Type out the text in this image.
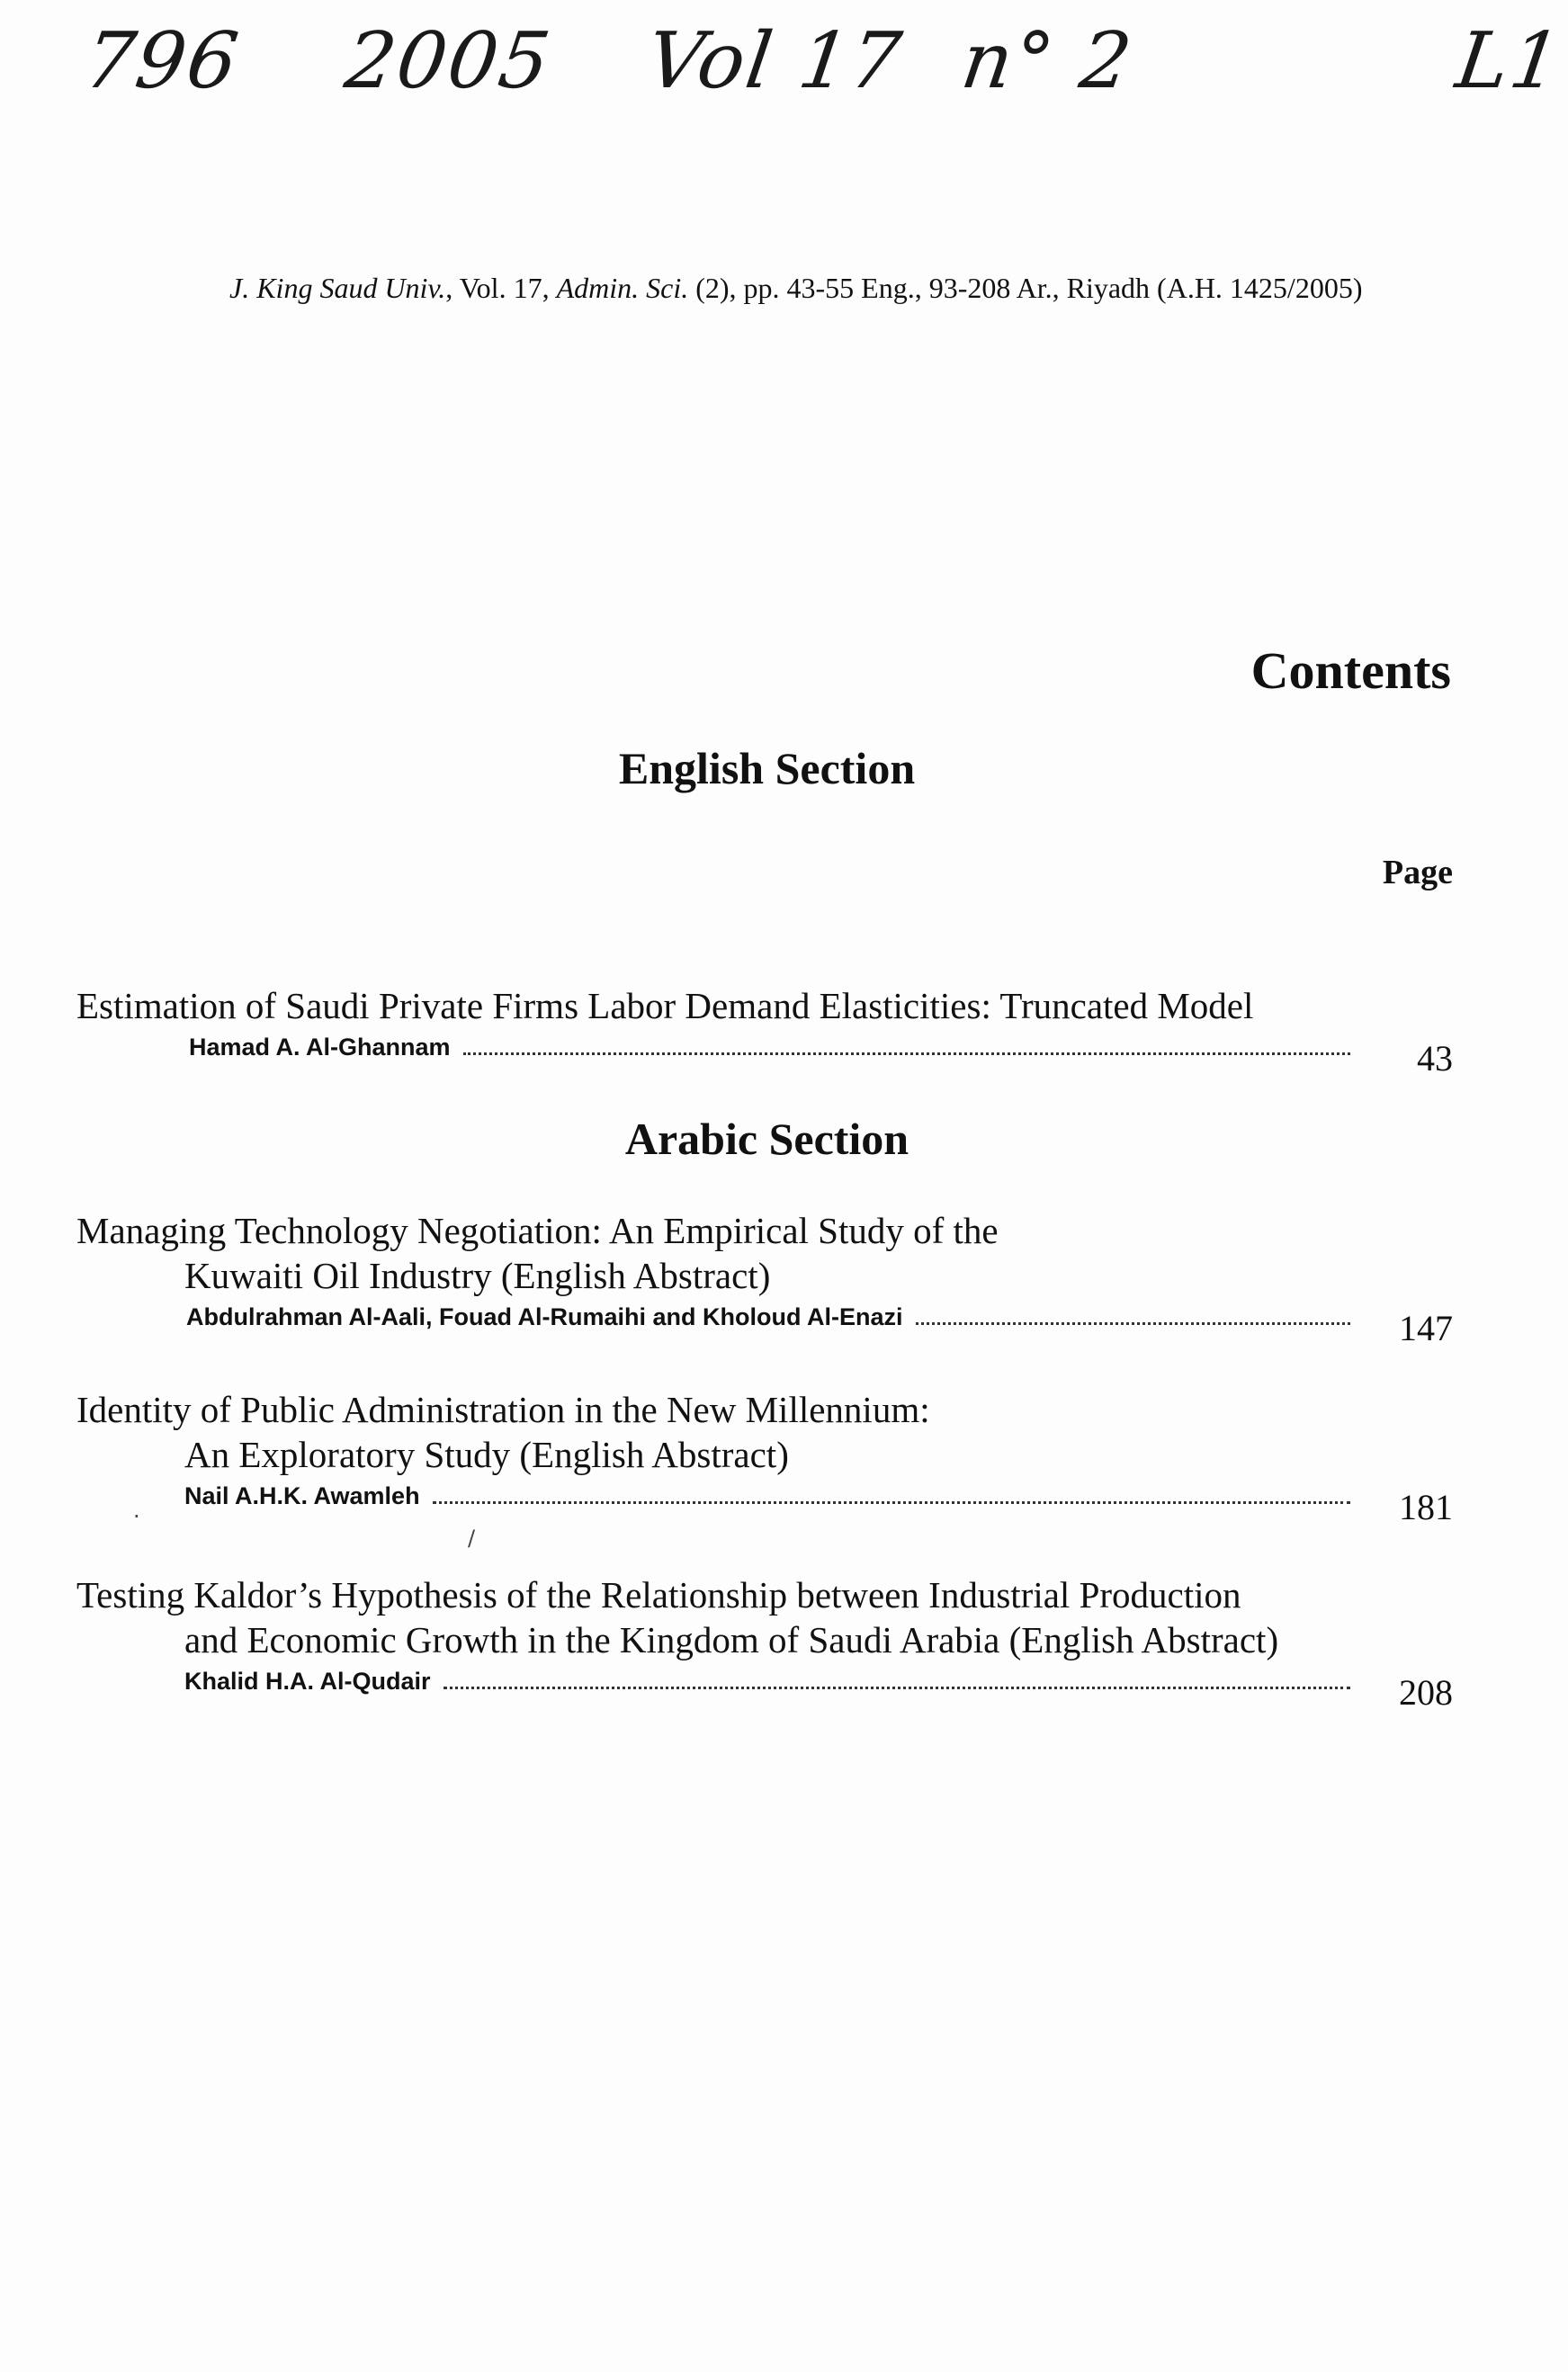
796 2005 Vol 17 n° 2	L1
J. King Saud Univ., Vol. 17, Admin. Sci. (2), pp. 43-55 Eng., 93-208 Ar., Riyadh (A.H. 1425/2005)
Contents
English Section
Page
Estimation of Saudi Private Firms Labor Demand Elasticities: Truncated Model
Hamad A. Al-Ghannam	43
Arabic Section
Managing Technology Negotiation: An Empirical Study of the
Kuwaiti Oil Industry (English Abstract)
Abdulrahman Al-Aali, Fouad Al-Rumaihi and Kholoud Al-Enazi	147
Identity of Public Administration in the New Millennium:
An Exploratory Study (English Abstract)
Nail A.H.K. Awamleh	181
Testing Kaldor’s Hypothesis of the Relationship between Industrial Production
and Economic Growth in the Kingdom of Saudi Arabia (English Abstract)
Khalid H.A. Al-Qudair	208
.
/
